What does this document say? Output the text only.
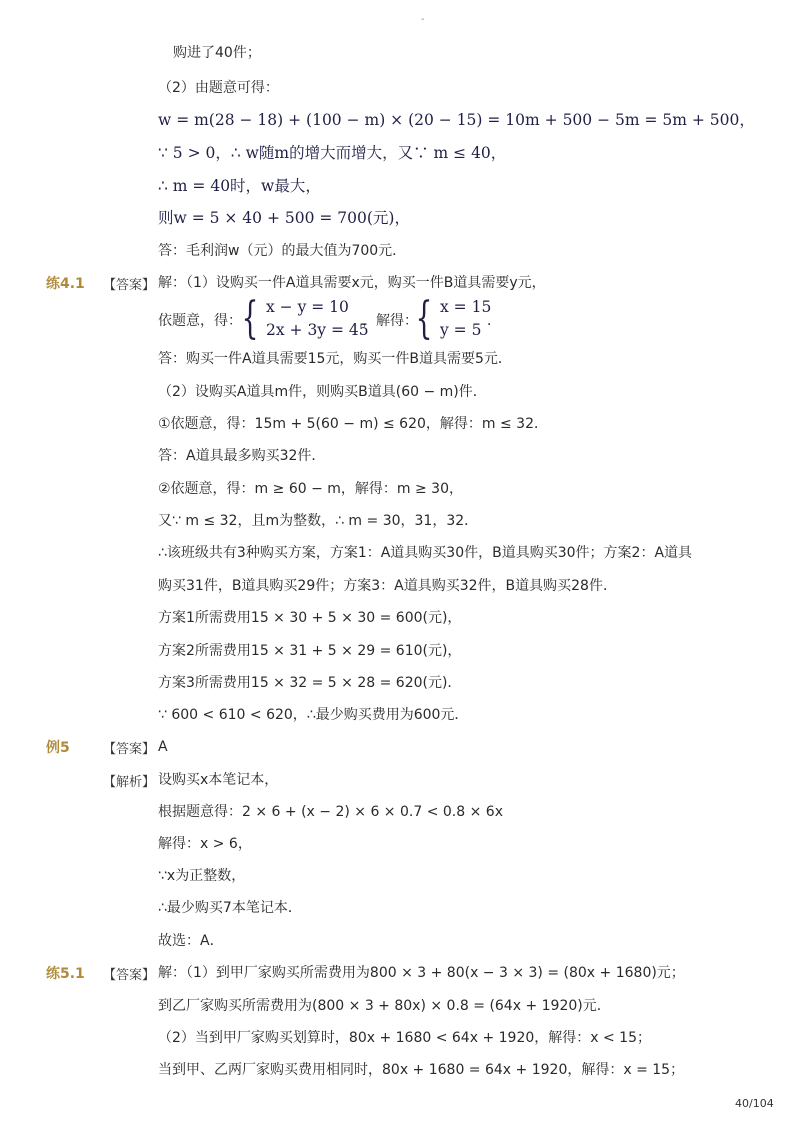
-
购进了40件；
（2）由题意可得：
w = m(28 − 18) + (100 − m) × (20 − 15) = 10m + 500 − 5m = 5m + 500，
∵ 5 > 0，∴ w随m的增大而增大，又∵ m ≤ 40，
∴ m = 40时，w最大，
则w = 5 × 40 + 500 = 700(元)，
答：毛利润w（元）的最大值为700元．
练4.1 【答案】 解：（1）设购买一件A道具需要x元，购买一件B道具需要y元，
依题意，得： { x − y = 10
2x + 3y = 45
，解得：
{ x = 15
y = 5 ．
答：购买一件A道具需要15元，购买一件B道具需要5元．
（2）设购买A道具m件，则购买B道具(60 − m)件．
①依题意，得：15m + 5(60 − m) ≤ 620，解得：m ≤ 32．
答：A道具最多购买32件．
②依题意，得：m ≥ 60 − m，解得：m ≥ 30，
又∵ m ≤ 32，且m为整数，∴ m = 30，31，32．
∴该班级共有3种购买方案，方案1：A道具购买30件，B道具购买30件；方案2：A道具
购买31件，B道具购买29件；方案3：A道具购买32件，B道具购买28件．
方案1所需费用15 × 30 + 5 × 30 = 600(元)，
方案2所需费用15 × 31 + 5 × 29 = 610(元)，
方案3所需费用15 × 32 = 5 × 28 = 620(元)．
∵ 600 < 610 < 620，∴最少购买费用为600元．
例5	【答案】 A
【解析】 设购买x本笔记本，
根据题意得：2 × 6 + (x − 2) × 6 × 0.7 < 0.8 × 6x
解得：x > 6，
∵x为正整数，
∴最少购买7本笔记本．
故选：A．
练5.1 【答案】 解：（1）到甲厂家购买所需费用为800 × 3 + 80(x − 3 × 3) = (80x + 1680)元；
到乙厂家购买所需费用为(800 × 3 + 80x) × 0.8 = (64x + 1920)元．
（2）当到甲厂家购买划算时，80x + 1680 < 64x + 1920，解得：x < 15；
当到甲、乙两厂家购买费用相同时，80x + 1680 = 64x + 1920，解得：x = 15；
40/104
